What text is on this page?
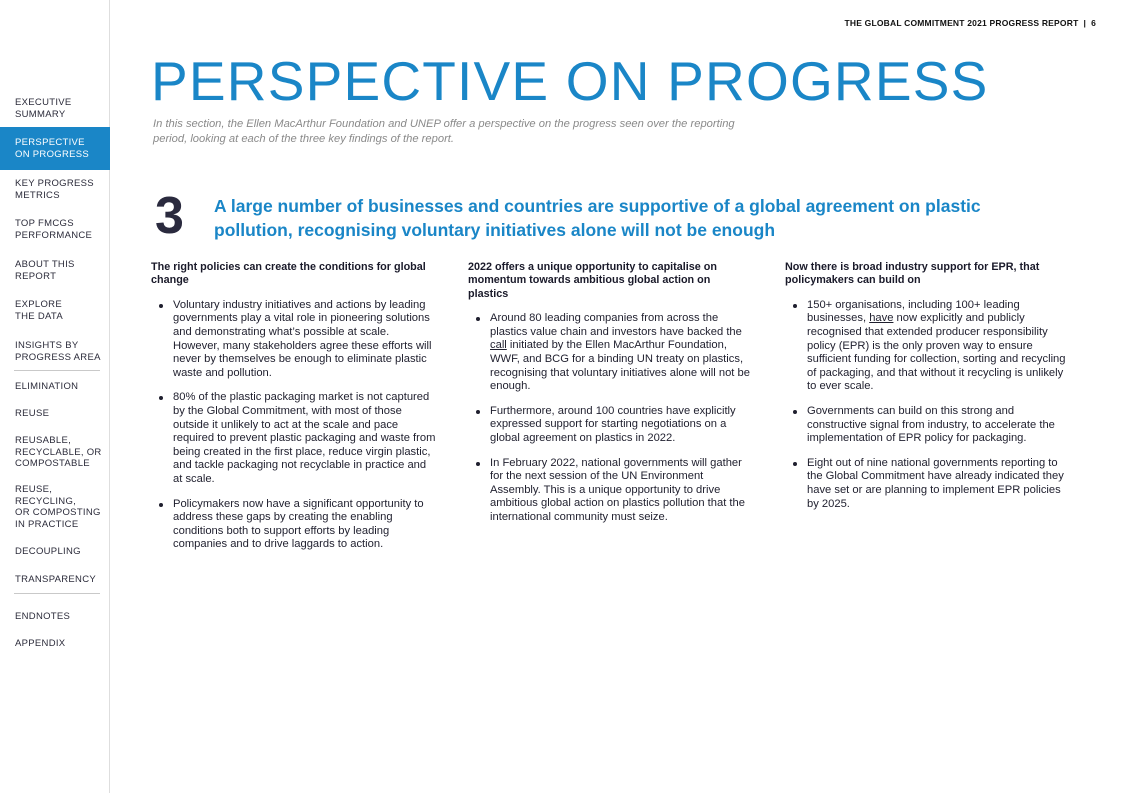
EXECUTIVE
SUMMARY
PERSPECTIVE
ON PROGRESS
KEY PROGRESS
METRICS
TOP FMCGS
PERFORMANCE
ABOUT THIS
REPORT
EXPLORE
THE DATA
INSIGHTS BY
PROGRESS AREA
ELIMINATION
REUSE
REUSABLE,
RECYCLABLE, OR
COMPOSTABLE
REUSE,
RECYCLING,
OR COMPOSTING
IN PRACTICE
DECOUPLING
TRANSPARENCY
ENDNOTES
APPENDIX
THE GLOBAL COMMITMENT 2021 PROGRESS REPORT | 6
PERSPECTIVE ON PROGRESS
In this section, the Ellen MacArthur Foundation and UNEP offer a perspective on the progress seen over the reporting period, looking at each of the three key findings of the report.
3 A large number of businesses and countries are supportive of a global agreement on plastic pollution, recognising voluntary initiatives alone will not be enough
The right policies can create the conditions for global change
Voluntary industry initiatives and actions by leading governments play a vital role in pioneering solutions and demonstrating what’s possible at scale. However, many stakeholders agree these efforts will never by themselves be enough to eliminate plastic waste and pollution.
80% of the plastic packaging market is not captured by the Global Commitment, with most of those outside it unlikely to act at the scale and pace required to prevent plastic packaging and waste from being created in the first place, reduce virgin plastic, and tackle packaging not recyclable in practice and at scale.
Policymakers now have a significant opportunity to address these gaps by creating the enabling conditions both to support efforts by leading companies and to drive laggards to action.
2022 offers a unique opportunity to capitalise on momentum towards ambitious global action on plastics
Around 80 leading companies from across the plastics value chain and investors have backed the call initiated by the Ellen MacArthur Foundation, WWF, and BCG for a binding UN treaty on plastics, recognising that voluntary initiatives alone will not be enough.
Furthermore, around 100 countries have explicitly expressed support for starting negotiations on a global agreement on plastics in 2022.
In February 2022, national governments will gather for the next session of the UN Environment Assembly. This is a unique opportunity to drive ambitious global action on plastics pollution that the international community must seize.
Now there is broad industry support for EPR, that policymakers can build on
150+ organisations, including 100+ leading businesses, have now explicitly and publicly recognised that extended producer responsibility policy (EPR) is the only proven way to ensure sufficient funding for collection, sorting and recycling of packaging, and that without it recycling is unlikely to ever scale.
Governments can build on this strong and constructive signal from industry, to accelerate the implementation of EPR policy for packaging.
Eight out of nine national governments reporting to the Global Commitment have already indicated they have set or are planning to implement EPR policies by 2025.
